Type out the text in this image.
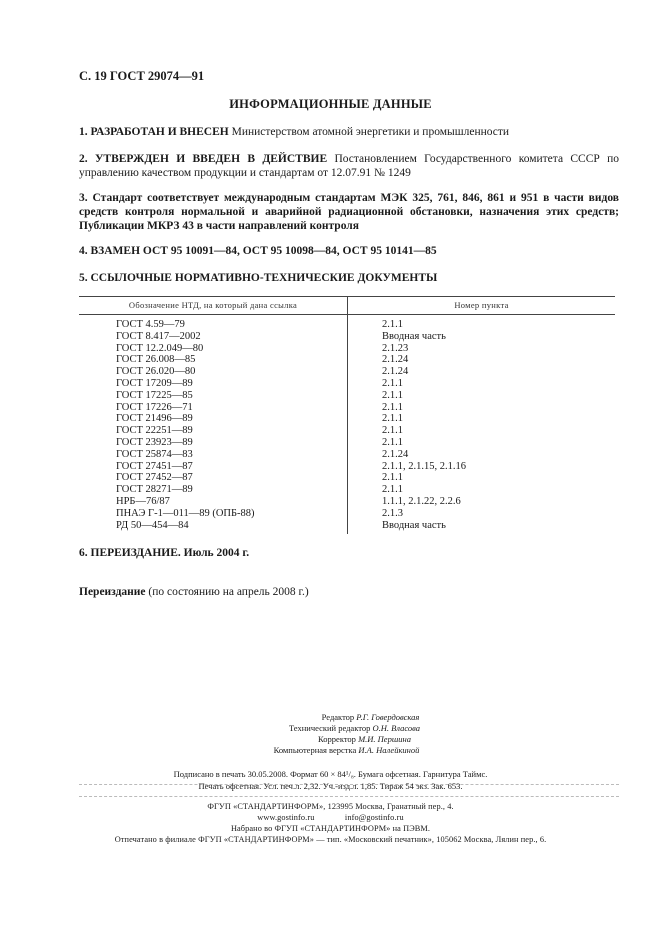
С. 19 ГОСТ 29074—91
ИНФОРМАЦИОННЫЕ ДАННЫЕ
1. РАЗРАБОТАН И ВНЕСЕН Министерством атомной энергетики и промышленности
2. УТВЕРЖДЕН И ВВЕДЕН В ДЕЙСТВИЕ Постановлением Государственного комитета СССР по управлению качеством продукции и стандартам от 12.07.91 № 1249
3. Стандарт соответствует международным стандартам МЭК 325, 761, 846, 861 и 951 в части видов средств контроля нормальной и аварийной радиационной обстановки, назначения этих средств; Публикации МКРЗ 43 в части направлений контроля
4. ВЗАМЕН ОСТ 95 10091—84, ОСТ 95 10098—84, ОСТ 95 10141—85
5. ССЫЛОЧНЫЕ НОРМАТИВНО-ТЕХНИЧЕСКИЕ ДОКУМЕНТЫ
Обозначение НТД, на который дана ссылка	Номер пункта
ГОСТ 4.59—79	2.1.1
ГОСТ 8.417—2002	Вводная часть
ГОСТ 12.2.049—80	2.1.23
ГОСТ 26.008—85	2.1.24
ГОСТ 26.020—80	2.1.24
ГОСТ 17209—89	2.1.1
ГОСТ 17225—85	2.1.1
ГОСТ 17226—71	2.1.1
ГОСТ 21496—89	2.1.1
ГОСТ 22251—89	2.1.1
ГОСТ 23923—89	2.1.1
ГОСТ 25874—83	2.1.24
ГОСТ 27451—87	2.1.1, 2.1.15, 2.1.16
ГОСТ 27452—87	2.1.1
ГОСТ 28271—89	2.1.1
НРБ—76/87	1.1.1, 2.1.22, 2.2.6
ПНАЭ Г-1—011—89 (ОПБ-88)	2.1.3
РД 50—454—84	Вводная часть
6. ПЕРЕИЗДАНИЕ. Июль 2004 г.
Переиздание (по состоянию на апрель 2008 г.)
Редактор Р.Г. Говердовская
Технический редактор О.Н. Власова
Корректор М.И. Першина
Компьютерная верстка И.А. Налейкиной
Подписано в печать 30.05.2008. Формат 60 × 84¹/₈. Бумага офсетная. Гарнитура Таймс.
Печать офсетная. Усл. печ.л. 2,32. Уч.-изд.л. 1,85. Тираж 54 экз. Зак. 653.
ФГУП «СТАНДАРТИНФОРМ», 123995 Москва, Гранатный пер., 4.
www.gostinfo.ru	info@gostinfo.ru
Набрано во ФГУП «СТАНДАРТИНФОРМ» на ПЭВМ.
Отпечатано в филиале ФГУП «СТАНДАРТИНФОРМ» — тип. «Московский печатник», 105062 Москва, Лялин пер., 6.
